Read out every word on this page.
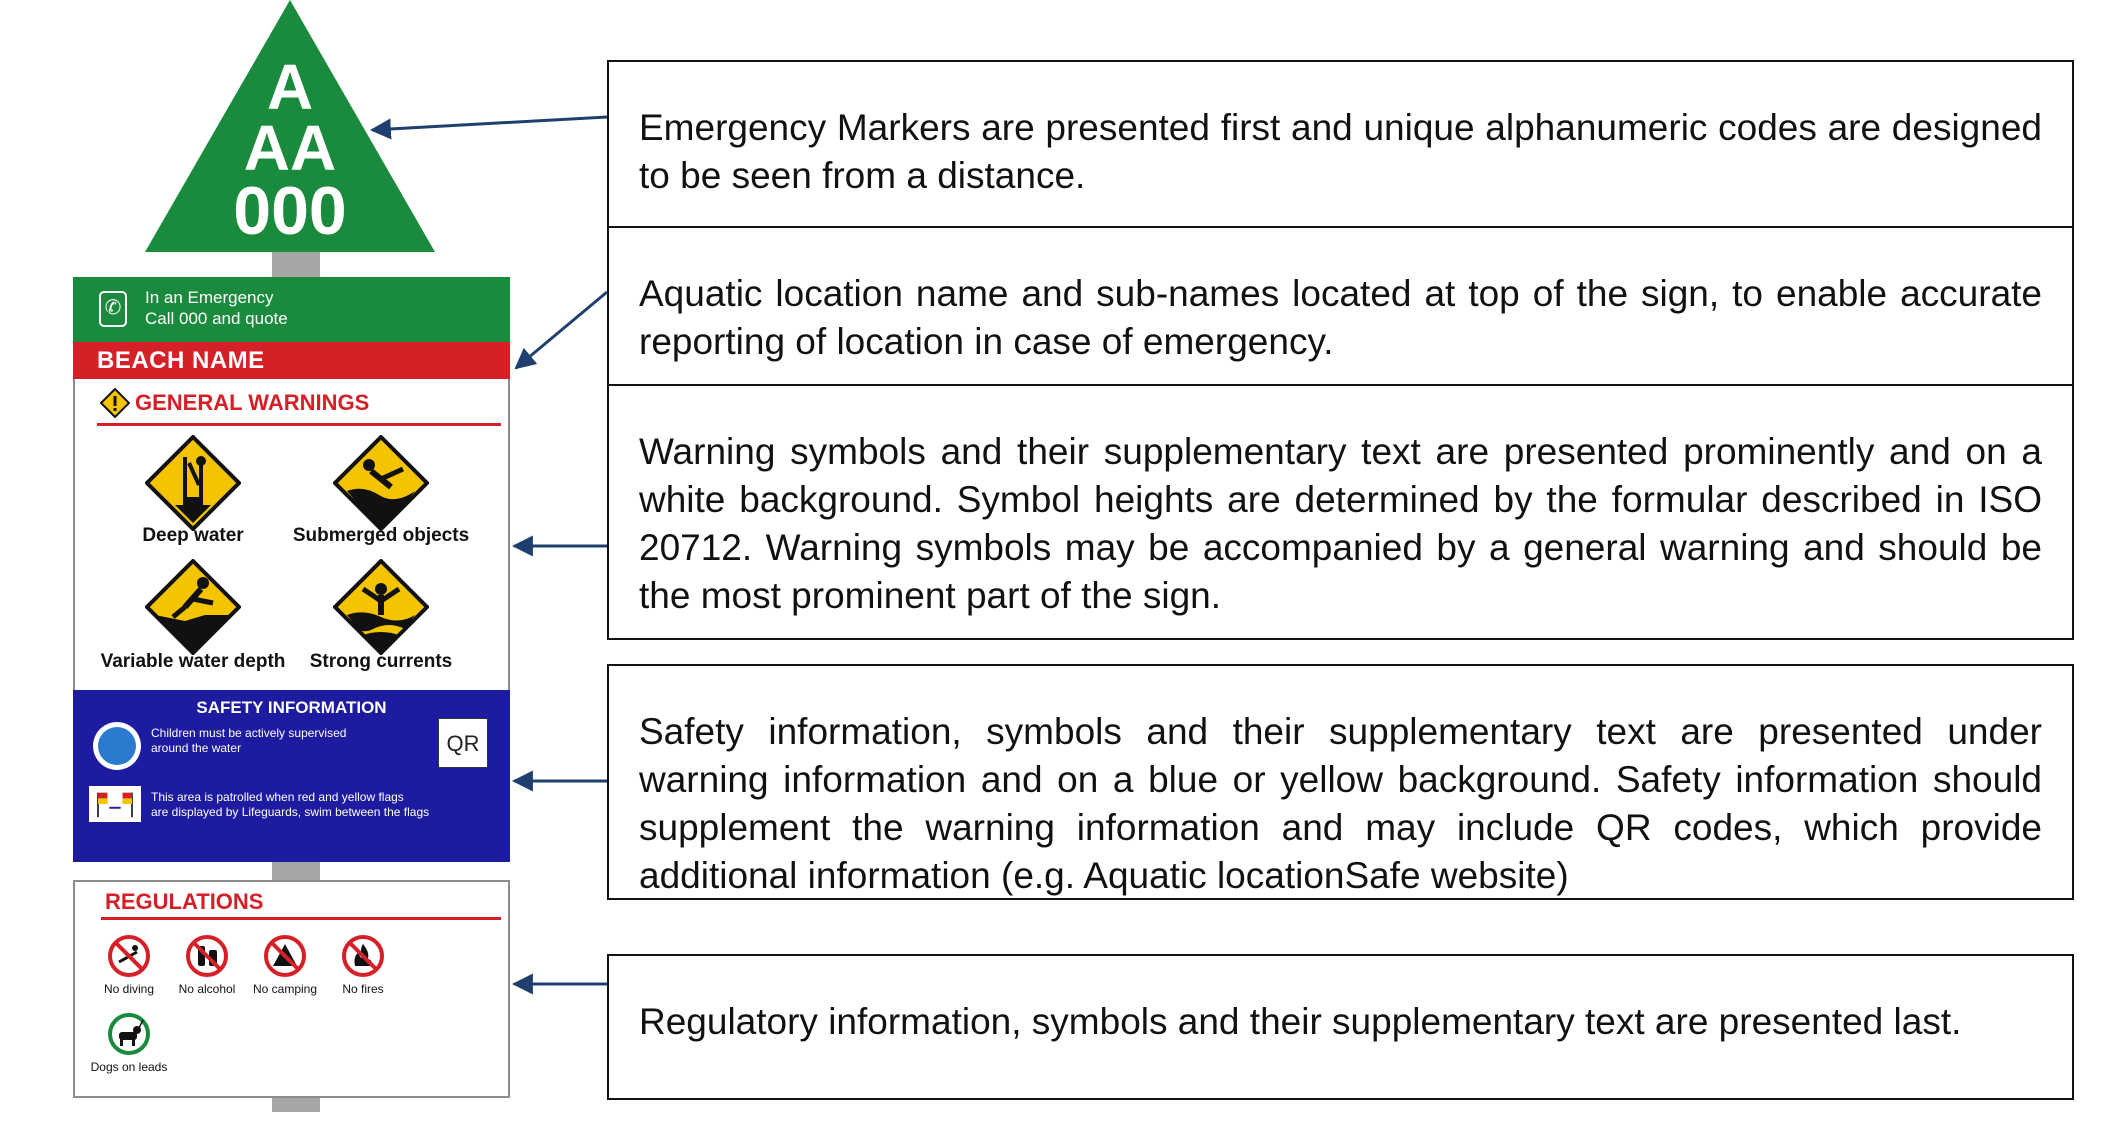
A
AA
000
✆	In an Emergency
Call 000 and quote
BEACH NAME
GENERAL WARNINGS
Deep water	Submerged objects
Variable water depth	Strong currents
SAFETY INFORMATION
Children must be actively supervised
around the water	QR
This area is patrolled when red and yellow flags
are displayed by Lifeguards, swim between the flags
REGULATIONS
No diving	No alcohol	No camping	No fires
Dogs on leads

Emergency Markers are presented first and unique alphanumeric codes are designed to be seen from a distance.

Aquatic location name and sub-names located at top of the sign, to enable accurate reporting of location in case of emergency.

Warning symbols and their supplementary text are presented prominently and on a white background. Symbol heights are determined by the formular described in ISO 20712. Warning symbols may be accompanied by a general warning and should be the most prominent part of the sign.

Safety information, symbols and their supplementary text are presented under warning information and on a blue or yellow background. Safety information should supplement the warning information and may include QR codes, which provide additional information (e.g. Aquatic locationSafe website)

Regulatory information, symbols and their supplementary text are presented last.
